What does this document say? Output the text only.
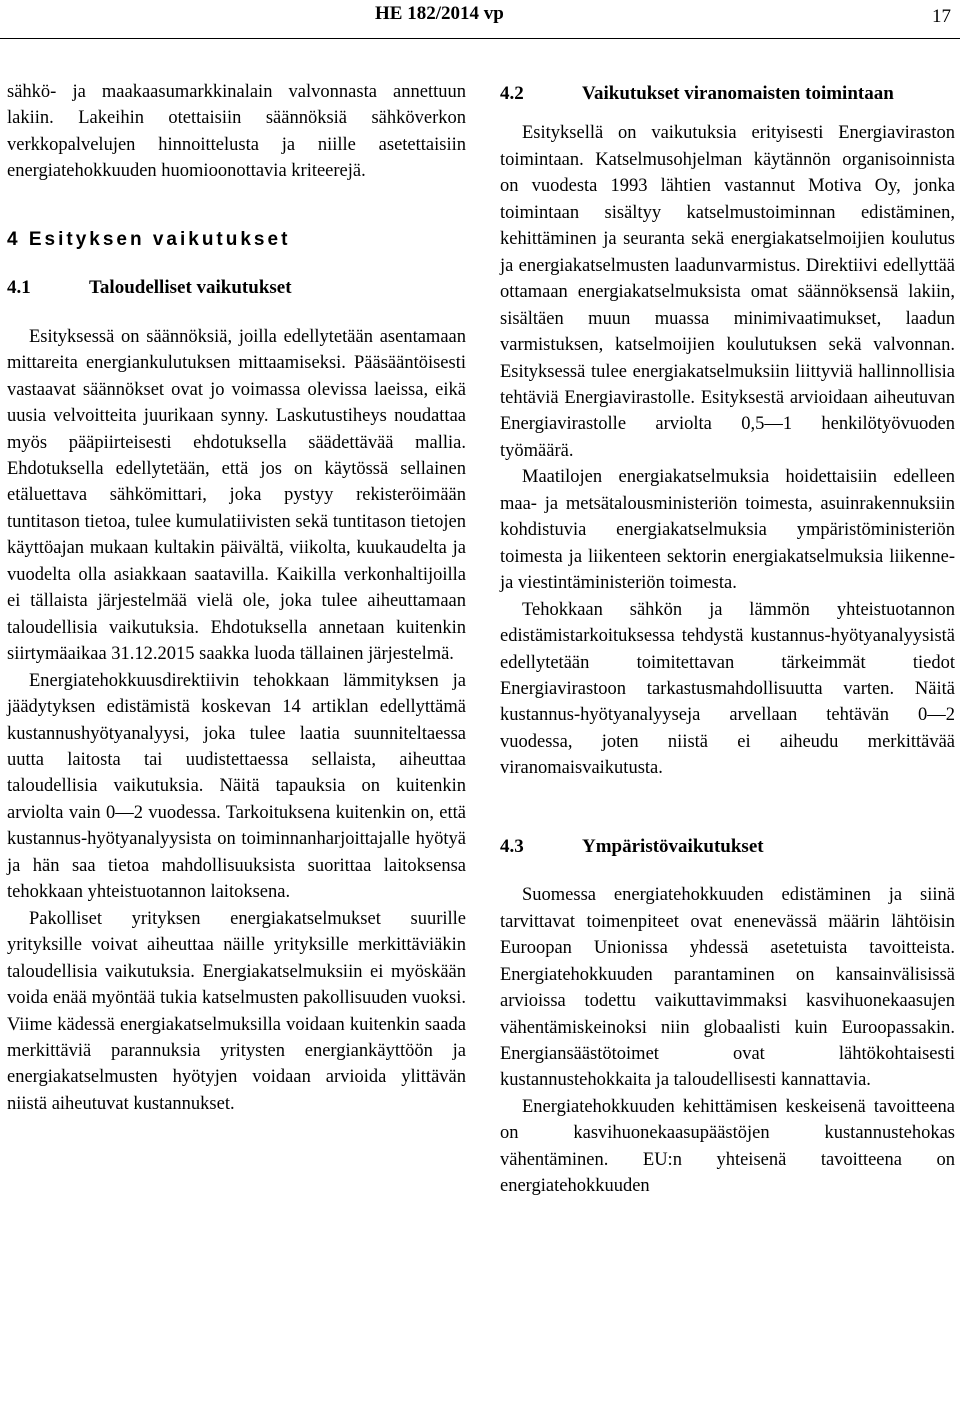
HE 182/2014 vp	17

sähkö- ja maakaasumarkkinalain valvonnasta annettuun lakiin. Lakeihin otettaisiin säännöksiä sähköverkon verkkopalvelujen hinnoittelusta ja niille asetettaisiin energiatehokkuuden huomioonottavia kriteerejä.

4 Esityksen vaikutukset
4.1	Taloudelliset vaikutukset

Esityksessä on säännöksiä, joilla edellytetään asentamaan mittareita energiankulutuksen mittaamiseksi. Pääsääntöisesti vastaavat säännökset ovat jo voimassa olevissa laeissa, eikä uusia velvoitteita juurikaan synny. Laskutustiheys noudattaa myös pääpiirteisesti ehdotuksella säädettävää mallia. Ehdotuksella edellytetään, että jos on käytössä sellainen etäluettava sähkömittari, joka pystyy rekisteröimään tuntitason tietoa, tulee kumulatiivisten sekä tuntitason tietojen käyttöajan mukaan kultakin päivältä, viikolta, kuukaudelta ja vuodelta olla asiakkaan saatavilla. Kaikilla verkonhaltijoilla ei tällaista järjestelmää vielä ole, joka tulee aiheuttamaan taloudellisia vaikutuksia. Ehdotuksella annetaan kuitenkin siirtymäaikaa 31.12.2015 saakka luoda tällainen järjestelmä.

Energiatehokkuusdirektiivin tehokkaan lämmityksen ja jäädytyksen edistämistä koskevan 14 artiklan edellyttämä kustannushyötyanalyysi, joka tulee laatia suunniteltaessa uutta laitosta tai uudistettaessa sellaista, aiheuttaa taloudellisia vaikutuksia. Näitä tapauksia on kuitenkin arviolta vain 0—2 vuodessa. Tarkoituksena kuitenkin on, että kustannus-hyötyanalyysista on toiminnanharjoittajalle hyötyä ja hän saa tietoa mahdollisuuksista suorittaa laitoksensa tehokkaan yhteistuotannon laitoksena.

Pakolliset yrityksen energiakatselmukset suurille yrityksille voivat aiheuttaa näille yrityksille merkittäviäkin taloudellisia vaikutuksia. Energiakatselmuksiin ei myöskään voida enää myöntää tukia katselmusten pakollisuuden vuoksi. Viime kädessä energiakatselmuksilla voidaan kuitenkin saada merkittäviä parannuksia yritysten energiankäyttöön ja energiakatselmusten hyötyjen voidaan arvioida ylittävän niistä aiheutuvat kustannukset.

4.2	Vaikutukset viranomaisten toimintaan

Esityksellä on vaikutuksia erityisesti Energiaviraston toimintaan. Katselmusohjelman käytännön organisoinnista on vuodesta 1993 lähtien vastannut Motiva Oy, jonka toimintaan sisältyy katselmustoiminnan edistäminen, kehittäminen ja seuranta sekä energiakatselmoijien koulutus ja energiakatselmusten laadunvarmistus. Direktiivi edellyttää ottamaan energiakatselmuksista omat säännöksensä lakiin, sisältäen muun muassa minimivaatimukset, laadun varmistuksen, katselmoijien koulutuksen sekä valvonnan. Esityksessä tulee energiakatselmuksiin liittyviä hallinnollisia tehtäviä Energiavirastolle. Esityksestä arvioidaan aiheutuvan Energiavirastolle arviolta 0,5—1 henkilötyövuoden työmäärä.

Maatilojen energiakatselmuksia hoidettaisiin edelleen maa- ja metsätalousministeriön toimesta, asuinrakennuksiin kohdistuvia energiakatselmuksia ympäristöministeriön toimesta ja liikenteen sektorin energiakatselmuksia liikenne- ja viestintäministeriön toimesta.

Tehokkaan sähkön ja lämmön yhteistuotannon edistämistarkoituksessa tehdystä kustannus-hyötyanalyysistä edellytetään toimitettavan tärkeimmät tiedot Energiavirastoon tarkastusmahdollisuutta varten. Näitä kustannus-hyötyanalyyseja arvellaan tehtävän 0—2 vuodessa, joten niistä ei aiheudu merkittävää viranomaisvaikutusta.

4.3	Ympäristövaikutukset

Suomessa energiatehokkuuden edistäminen ja siinä tarvittavat toimenpiteet ovat enenevässä määrin lähtöisin Euroopan Unionissa yhdessä asetetuista tavoitteista. Energiatehokkuuden parantaminen on kansainvälisissä arvioissa todettu vaikuttavimmaksi kasvihuonekaasujen vähentämiskeinoksi niin globaalisti kuin Euroopassakin. Energiansäästötoimet ovat lähtökohtaisesti kustannustehokkaita ja taloudellisesti kannattavia.

Energiatehokkuuden kehittämisen keskeisenä tavoitteena on kasvihuonekaasupäästöjen kustannustehokas vähentäminen. EU:n yhteisenä tavoitteena on energiatehokkuuden
